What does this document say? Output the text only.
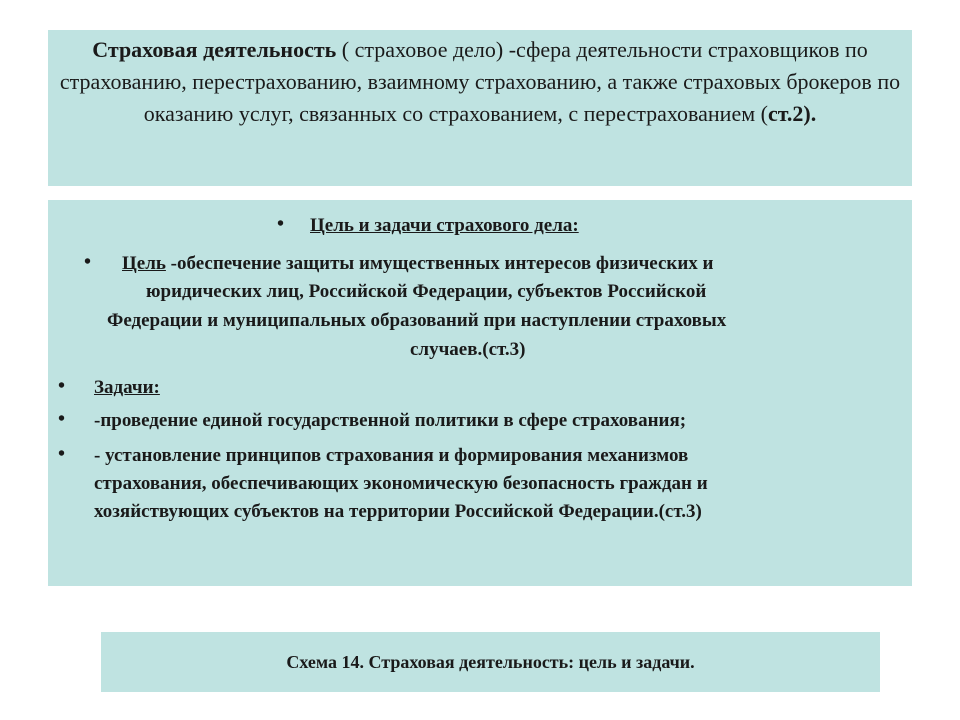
Страховая деятельность ( страховое дело) -сфера деятельности страховщиков по страхованию, перестрахованию, взаимному страхованию, а также страховых брокеров по оказанию услуг, связанных со страхованием, с перестрахованием (ст.2).
• Цель и задачи страхового дела:
• Цель -обеспечение защиты имущественных интересов физических и
юридических лиц, Российской Федерации, субъектов Российской
Федерации и муниципальных образований при наступлении страховых
случаев.(ст.3)
• Задачи:
• -проведение единой государственной политики в сфере страхования;
• - установление принципов страхования и формирования механизмов
страхования, обеспечивающих экономическую безопасность граждан и
хозяйствующих субъектов на территории Российской Федерации.(ст.3)
Схема 14. Страховая деятельность: цель и задачи.
